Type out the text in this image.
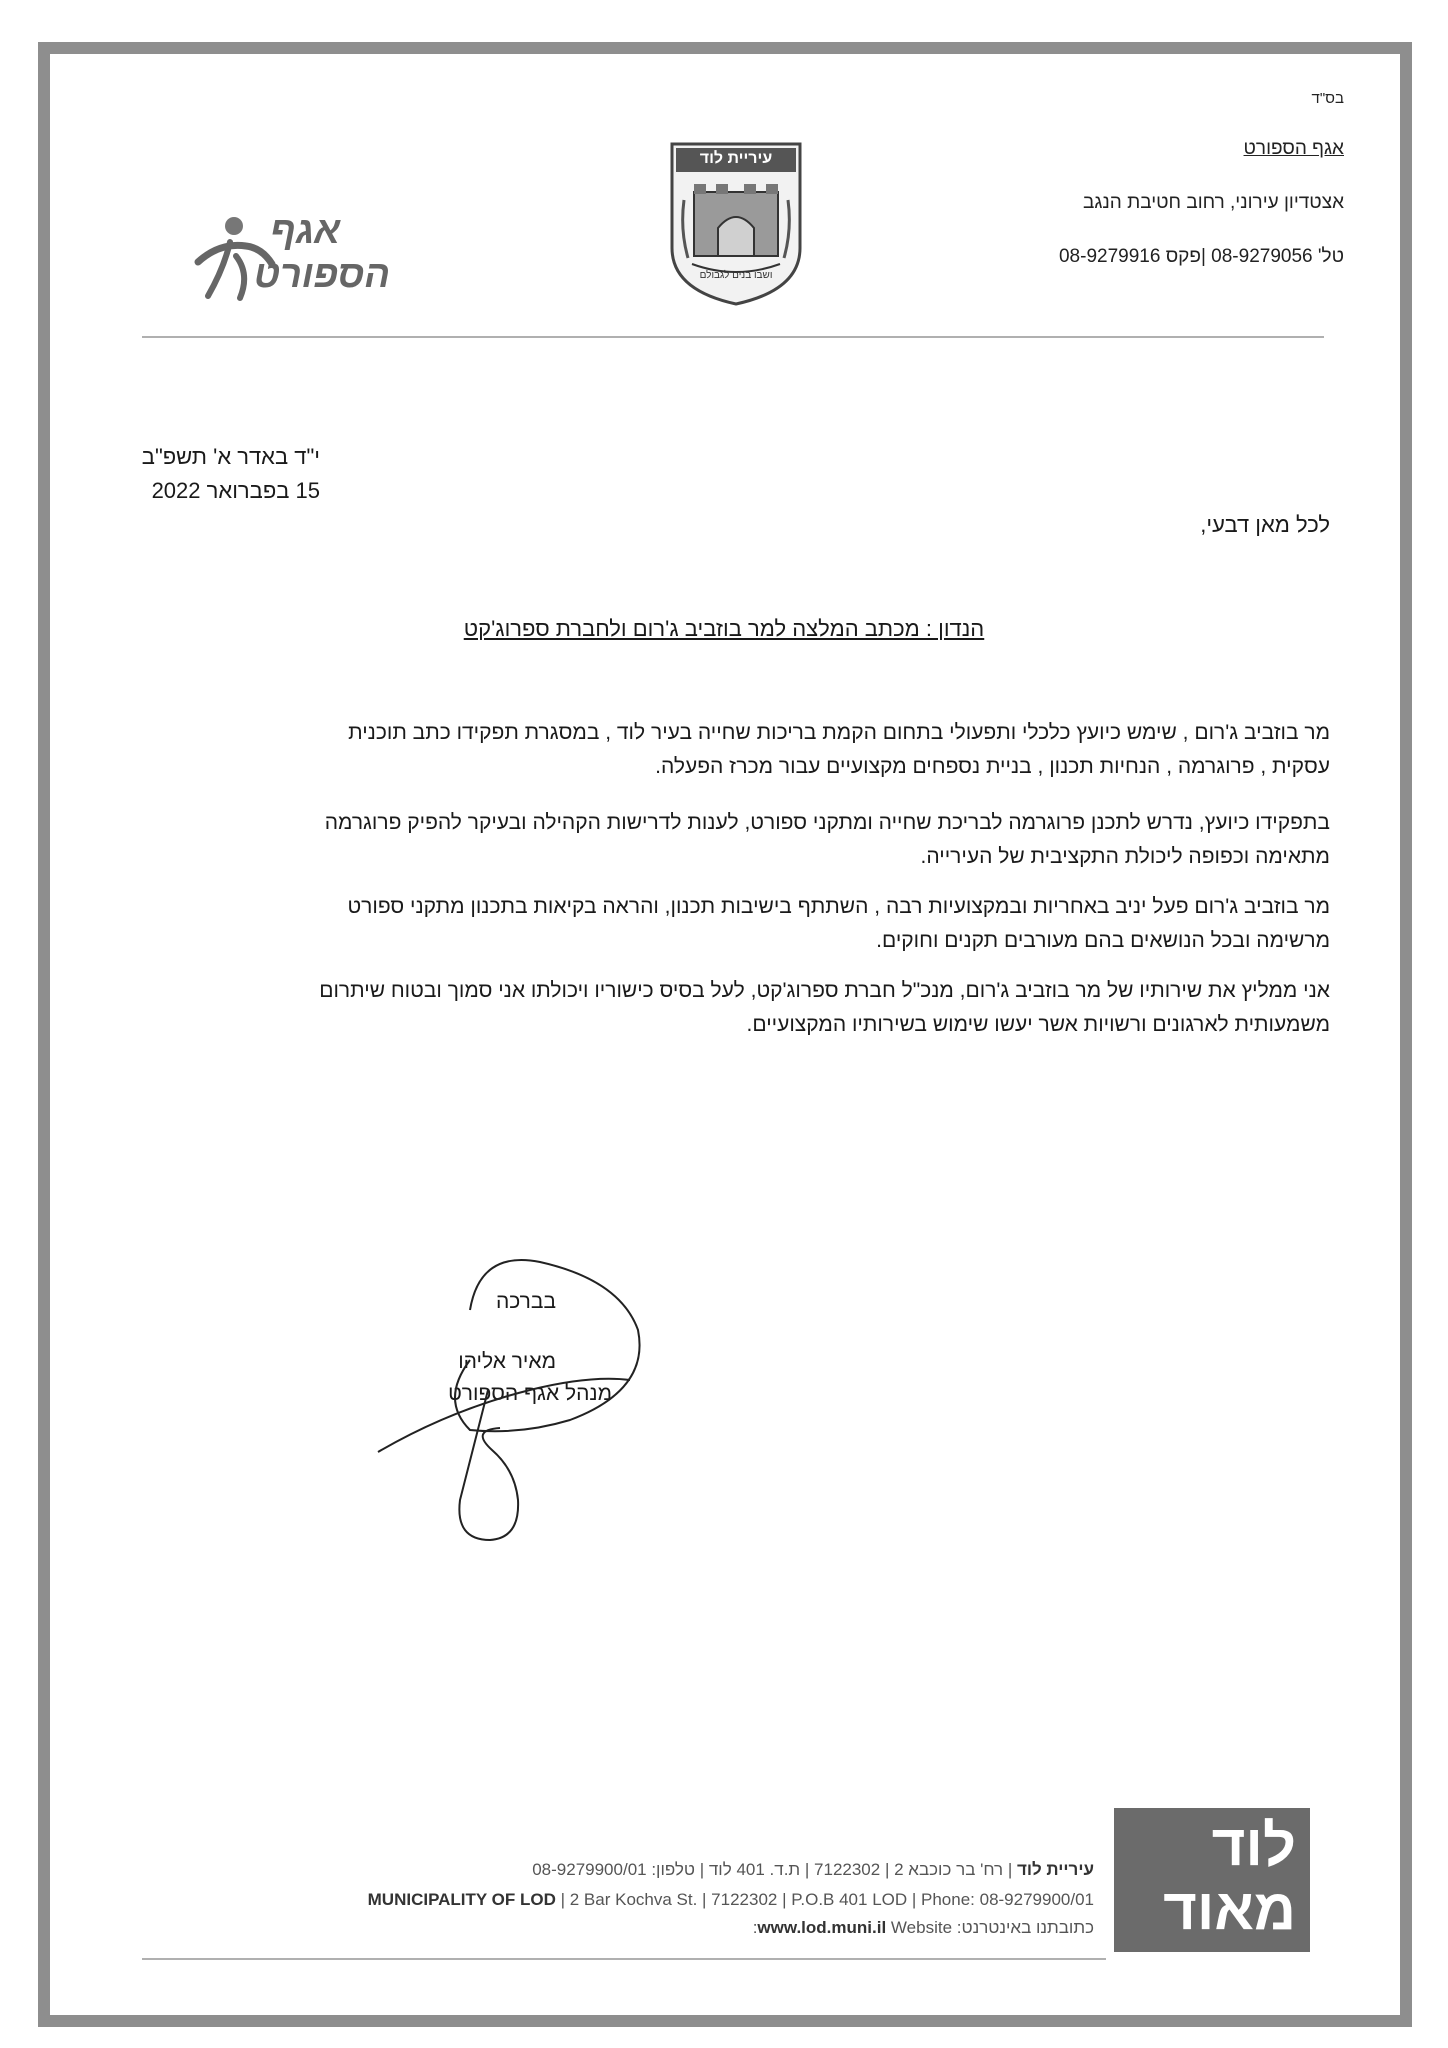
בס"ד
אגף הספורט
אצטדיון עירוני, רחוב חטיבת הנגב
טל' 08-9279056 |פקס 08-9279916
עיריית לוד
ושבו בנים לגבולם
אגף
הספורט
י"ד באדר א' תשפ"ב
15 בפברואר 2022
לכל מאן דבעי,
הנדון : מכתב המלצה למר בוזביב ג'רום ולחברת ספרוג'קט
מר בוזביב ג'רום , שימש כיועץ כלכלי ותפעולי בתחום הקמת בריכות שחייה בעיר לוד , במסגרת תפקידו כתב תוכנית
עסקית , פרוגרמה , הנחיות תכנון , בניית נספחים מקצועיים עבור מכרז הפעלה.
בתפקידו כיועץ, נדרש לתכנן פרוגרמה לבריכת שחייה ומתקני ספורט, לענות לדרישות הקהילה ובעיקר להפיק פרוגרמה
מתאימה וכפופה ליכולת התקציבית של העירייה.
מר בוזביב ג'רום פעל יניב באחריות ובמקצועיות רבה , השתתף בישיבות תכנון, והראה בקיאות בתכנון מתקני ספורט
מרשימה ובכל הנושאים בהם מעורבים תקנים וחוקים.
אני ממליץ את שירותיו של מר בוזביב ג'רום, מנכ"ל חברת ספרוג'קט, לעל בסיס כישוריו ויכולתו אני סמוך ובטוח שיתרום
משמעותית לארגונים ורשויות אשר יעשו שימוש בשירותיו המקצועיים.
בברכה
מאיר אליהו
מנהל אגף הספורט
לוד
מאוד
עיריית לוד | רח' בר כוכבא 2 | 7122302 | ת.ד. 401 לוד | טלפון: 08-9279900/01
MUNICIPALITY OF LOD | 2 Bar Kochva St. | 7122302 | P.O.B 401 LOD | Phone: 08-9279900/01
כתובתנו באינטרנט: www.lod.muni.il Website:
